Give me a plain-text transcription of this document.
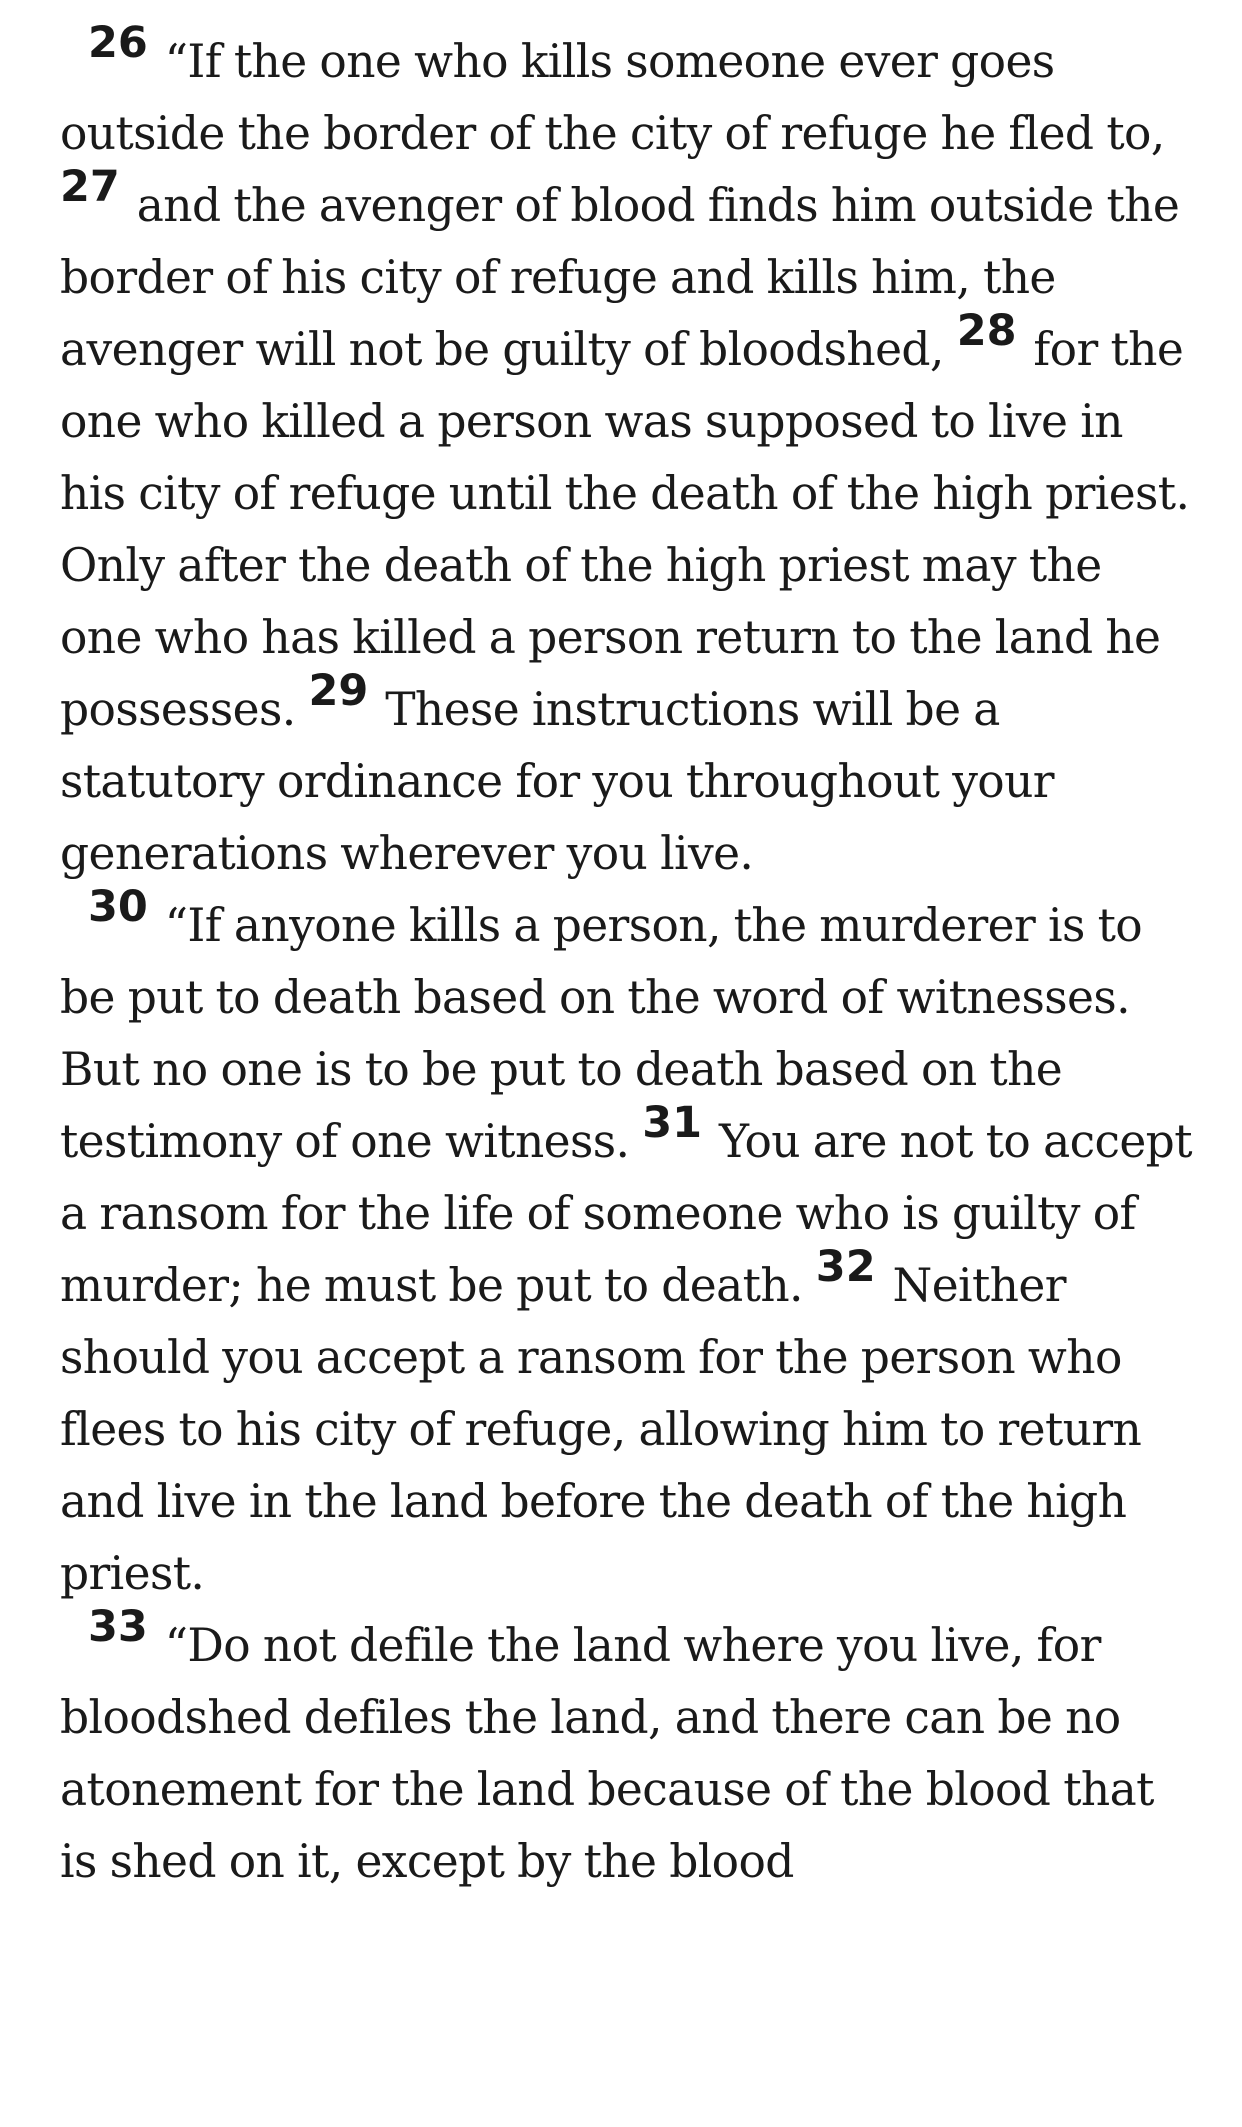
26 “If the one who kills someone ever goes outside the border of the city of refuge he fled to, 27 and the avenger of blood finds him outside the border of his city of refuge and kills him, the avenger will not be guilty of bloodshed, 28 for the one who killed a person was supposed to live in his city of refuge until the death of the high priest. Only after the death of the high priest may the one who has killed a person return to the land he possesses. 29 These instructions will be a statutory ordinance for you throughout your generations wherever you live.

30 “If anyone kills a person, the murderer is to be put to death based on the word of witnesses. But no one is to be put to death based on the testimony of one witness. 31 You are not to accept a ransom for the life of someone who is guilty of murder; he must be put to death. 32 Neither should you accept a ransom for the person who flees to his city of refuge, allowing him to return and live in the land before the death of the high priest.

33 “Do not defile the land where you live, for bloodshed defiles the land, and there can be no atonement for the land because of the blood that is shed on it, except by the blood
